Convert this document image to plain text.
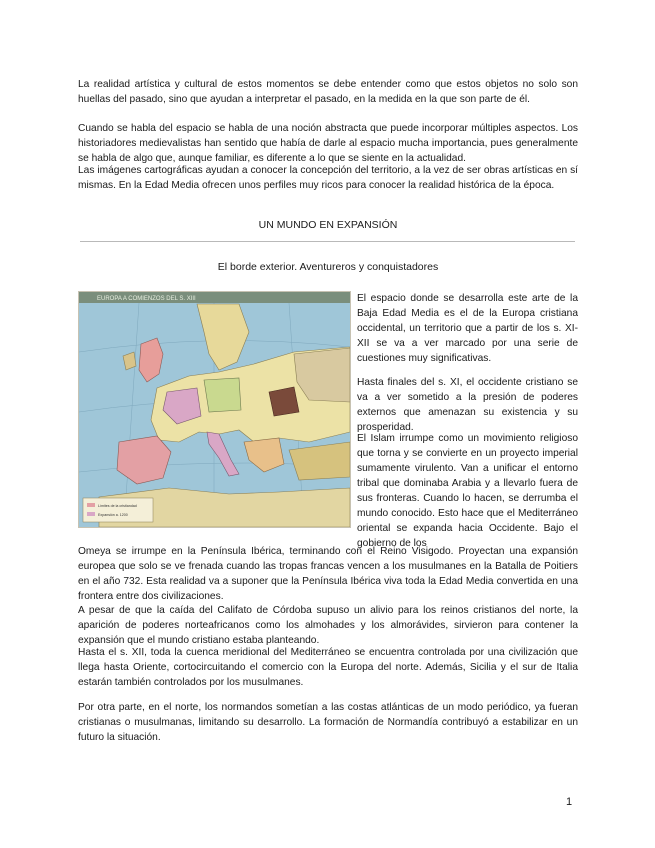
La realidad artística y cultural de estos momentos se debe entender como que estos objetos no solo son huellas del pasado, sino que ayudan a interpretar el pasado, en la medida en la que son parte de él.

Cuando se habla del espacio se habla de una noción abstracta que puede incorporar múltiples aspectos. Los historiadores medievalistas han sentido que había de darle al espacio mucha importancia, pues generalmente se habla de algo que, aunque familiar, es diferente a lo que se siente en la actualidad.

Las imágenes cartográficas ayudan a conocer la concepción del territorio, a la vez de ser obras artísticas en sí mismas. En la Edad Media ofrecen unos perfiles muy ricos para conocer la realidad histórica de la época.

UN MUNDO EN EXPANSIÓN

El borde exterior. Aventureros y conquistadores

EUROPA A COMIENZOS DEL S. XIII
Límites de la cristiandad
Expansión a. 1200

El espacio donde se desarrolla este arte de la Baja Edad Media es el de la Europa cristiana occidental, un territorio que a partir de los s. XI-XII se va a ver marcado por una serie de cuestiones muy significativas.

Hasta finales del s. XI, el occidente cristiano se va a ver sometido a la presión de poderes externos que amenazan su existencia y su prosperidad.

El Islam irrumpe como un movimiento religioso que torna y se convierte en un proyecto imperial sumamente virulento. Van a unificar el entorno tribal que dominaba Arabia y a llevarlo fuera de sus fronteras. Cuando lo hacen, se derrumba el mundo conocido. Esto hace que el Mediterráneo oriental se expanda hacia Occidente. Bajo el gobierno de los

Omeya se irrumpe en la Península Ibérica, terminando con el Reino Visigodo. Proyectan una expansión europea que solo se ve frenada cuando las tropas francas vencen a los musulmanes en la Batalla de Poitiers en el año 732. Esta realidad va a suponer que la Península Ibérica viva toda la Edad Media convertida en una frontera entre dos civilizaciones.

A pesar de que la caída del Califato de Córdoba supuso un alivio para los reinos cristianos del norte, la aparición de poderes norteafricanos como los almohades y los almorávides, sirvieron para contener la expansión que el mundo cristiano estaba planteando.

Hasta el s. XII, toda la cuenca meridional del Mediterráneo se encuentra controlada por una civilización que llega hasta Oriente, cortocircuitando el comercio con la Europa del norte. Además, Sicilia y el sur de Italia estarán también controlados por los musulmanes.

Por otra parte, en el norte, los normandos sometían a las costas atlánticas de un modo periódico, ya fueran cristianas o musulmanas, limitando su desarrollo. La formación de Normandía contribuyó a estabilizar en un futuro la situación.

1
